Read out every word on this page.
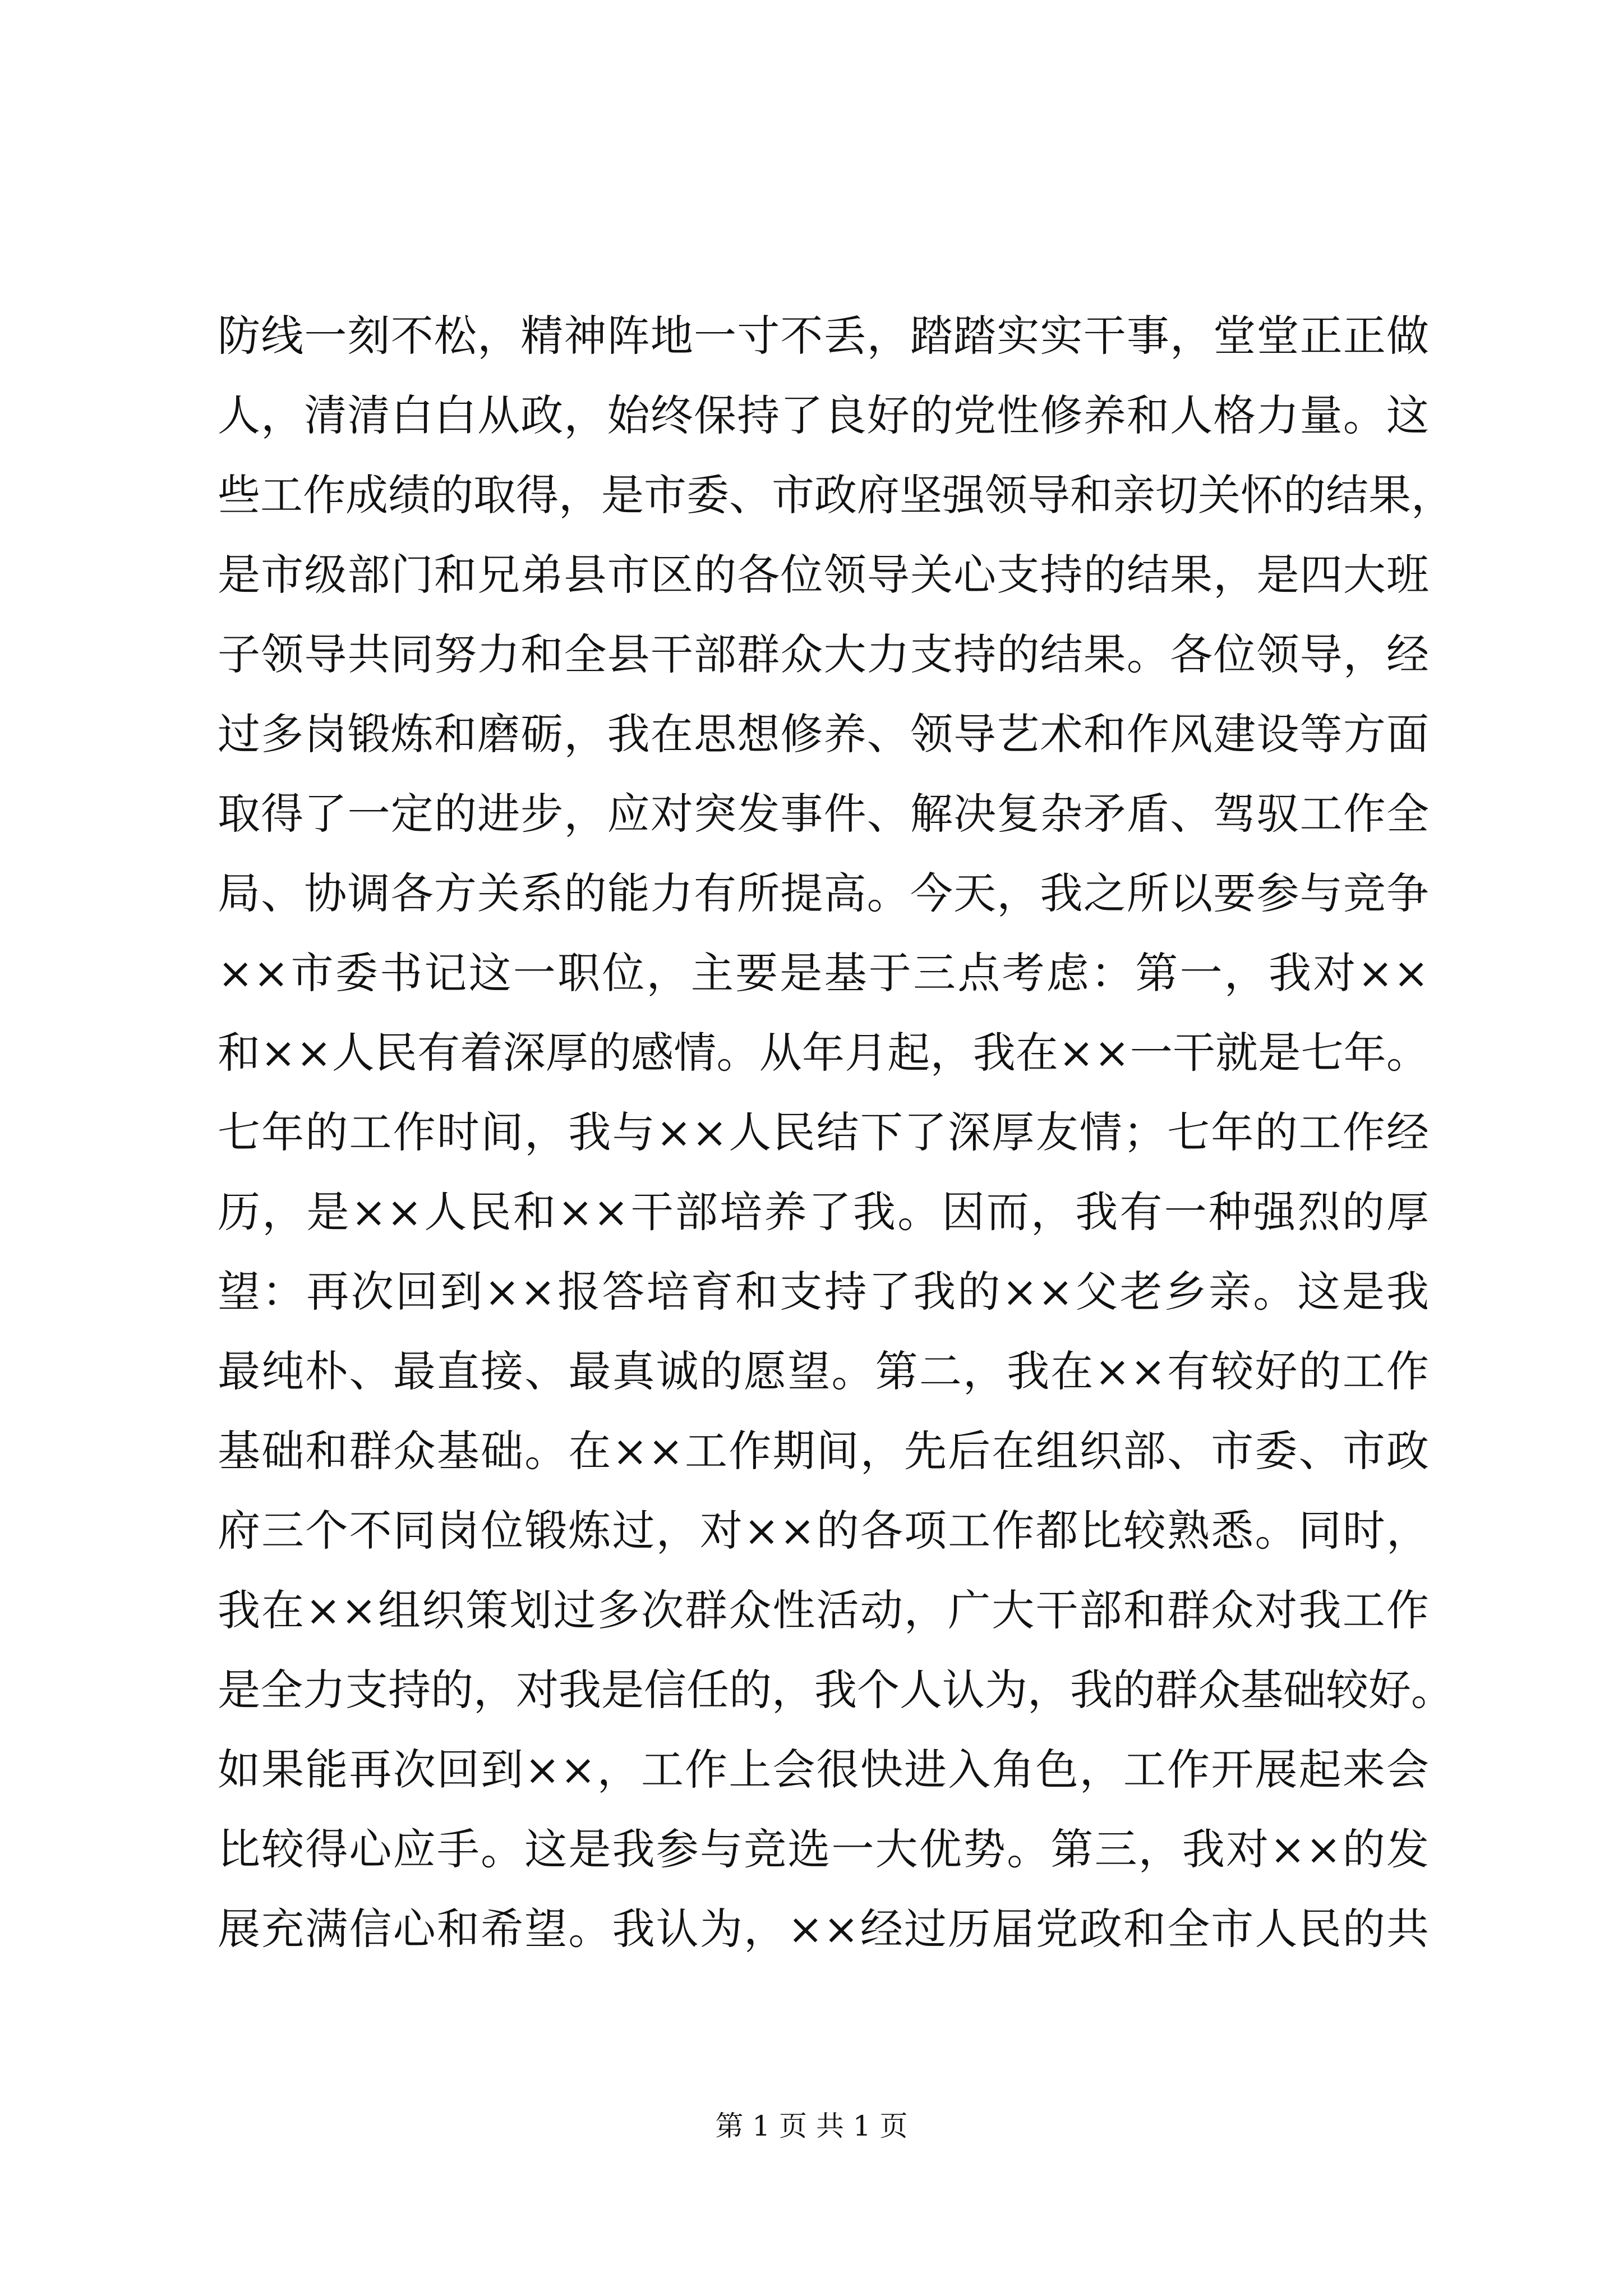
防线一刻不松，精神阵地一寸不丢，踏踏实实干事，堂堂正正做
人，清清白白从政，始终保持了良好的党性修养和人格力量。这
些工作成绩的取得，是市委、市政府坚强领导和亲切关怀的结果，
是市级部门和兄弟县市区的各位领导关心支持的结果，是四大班
子领导共同努力和全县干部群众大力支持的结果。各位领导，经
过多岗锻炼和磨砺，我在思想修养、领导艺术和作风建设等方面
取得了一定的进步，应对突发事件、解决复杂矛盾、驾驭工作全
局、协调各方关系的能力有所提高。今天，我之所以要参与竞争
××市委书记这一职位，主要是基于三点考虑：第一，我对××
和××人民有着深厚的感情。从年月起，我在××一干就是七年。
七年的工作时间，我与××人民结下了深厚友情；七年的工作经
历，是××人民和××干部培养了我。因而，我有一种强烈的厚
望：再次回到××报答培育和支持了我的××父老乡亲。这是我
最纯朴、最直接、最真诚的愿望。第二，我在××有较好的工作
基础和群众基础。在××工作期间，先后在组织部、市委、市政
府三个不同岗位锻炼过，对××的各项工作都比较熟悉。同时，
我在××组织策划过多次群众性活动，广大干部和群众对我工作
是全力支持的，对我是信任的，我个人认为，我的群众基础较好。
如果能再次回到××，工作上会很快进入角色，工作开展起来会
比较得心应手。这是我参与竞选一大优势。第三，我对××的发
展充满信心和希望。我认为，××经过历届党政和全市人民的共
第 1 页 共 1 页
